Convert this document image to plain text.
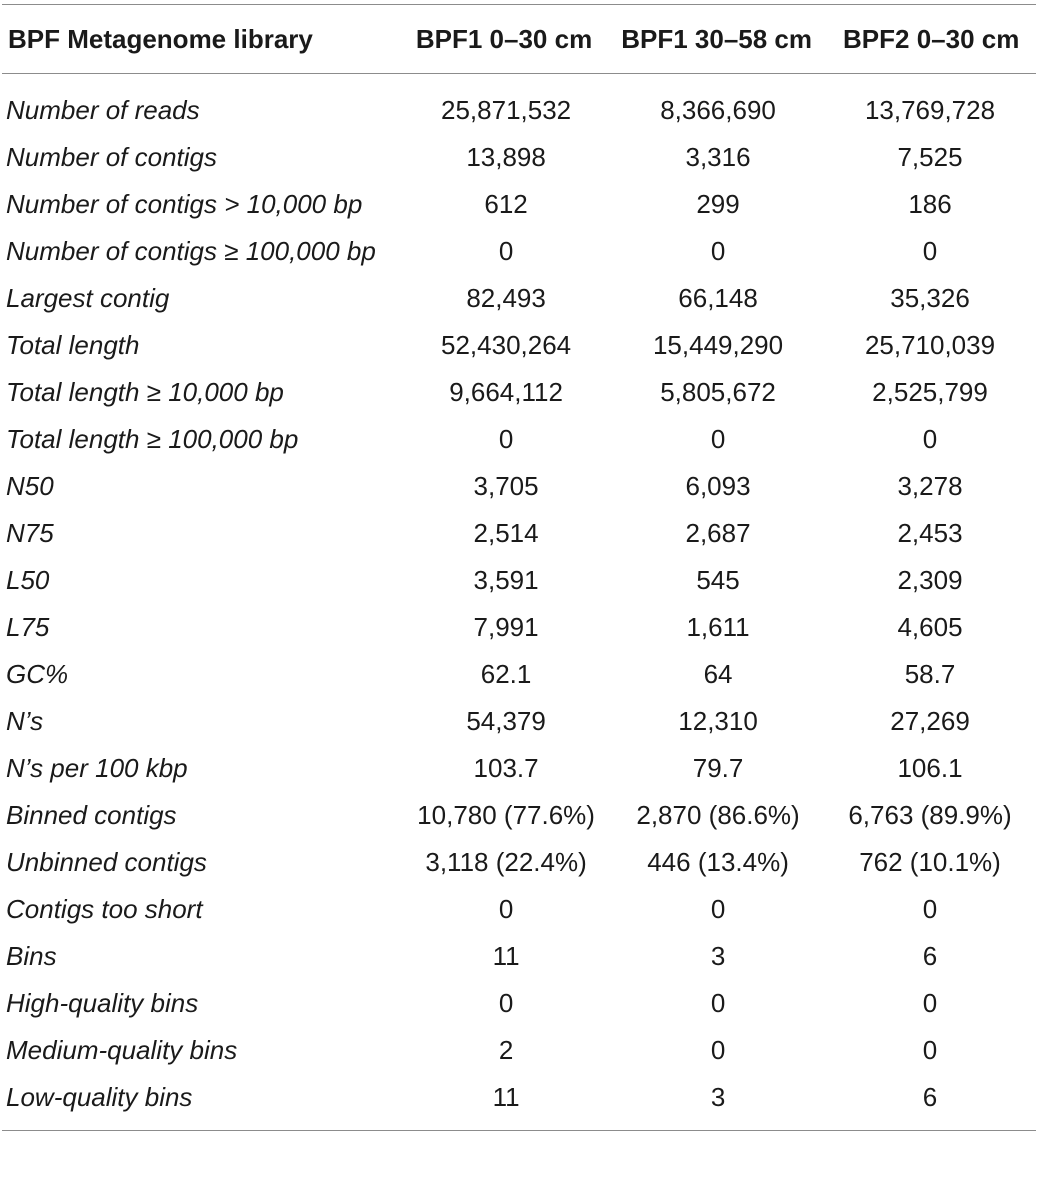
BPF Metagenome library	BPF1 0–30 cm	BPF1 30–58 cm	BPF2 0–30 cm
Number of reads	25,871,532	8,366,690	13,769,728
Number of contigs	13,898	3,316	7,525
Number of contigs > 10,000 bp	612	299	186
Number of contigs ≥ 100,000 bp	0	0	0
Largest contig	82,493	66,148	35,326
Total length	52,430,264	15,449,290	25,710,039
Total length ≥ 10,000 bp	9,664,112	5,805,672	2,525,799
Total length ≥ 100,000 bp	0	0	0
N50	3,705	6,093	3,278
N75	2,514	2,687	2,453
L50	3,591	545	2,309
L75	7,991	1,611	4,605
GC%	62.1	64	58.7
N’s	54,379	12,310	27,269
N’s per 100 kbp	103.7	79.7	106.1
Binned contigs	10,780 (77.6%)	2,870 (86.6%)	6,763 (89.9%)
Unbinned contigs	3,118 (22.4%)	446 (13.4%)	762 (10.1%)
Contigs too short	0	0	0
Bins	11	3	6
High-quality bins	0	0	0
Medium-quality bins	2	0	0
Low-quality bins	11	3	6
